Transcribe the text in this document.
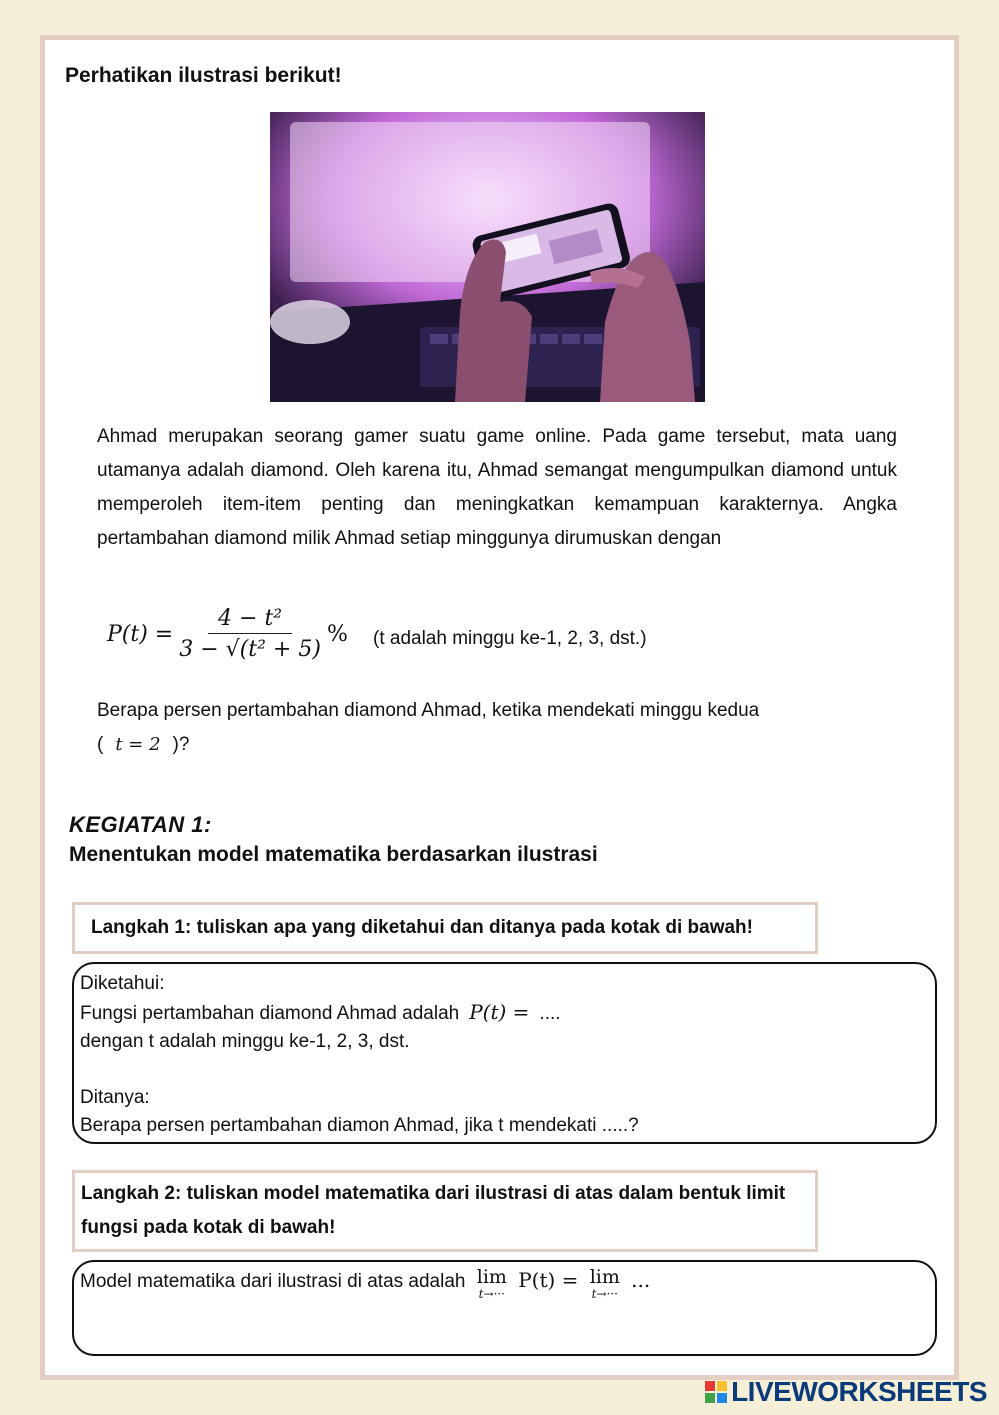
Perhatikan ilustrasi berikut!
Ahmad merupakan seorang gamer suatu game online. Pada game tersebut, mata uang utamanya adalah diamond. Oleh karena itu, Ahmad semangat mengumpulkan diamond untuk memperoleh item-item penting dan meningkatkan kemampuan karakternya. Angka pertambahan diamond milik Ahmad setiap minggunya dirumuskan dengan
$P(t) = \frac{\text{4 − t²}}{\text{3 − √(t² + 5)}}$ % (t adalah minggu ke-1, 2, 3, dst.)
Berapa persen pertambahan diamond Ahmad, ketika mendekati minggu kedua
( t = 2 )?
KEGIATAN 1:
Menentukan model matematika berdasarkan ilustrasi
Langkah 1: tuliskan apa yang diketahui dan ditanya pada kotak di bawah!
Diketahui:
Fungsi pertambahan diamond Ahmad adalah P(t) = ....
dengan t adalah minggu ke-1, 2, 3, dst.
Ditanya:
Berapa persen pertambahan diamon Ahmad, jika t mendekati .....?
Langkah 2: tuliskan model matematika dari ilustrasi di atas dalam bentuk limit fungsi pada kotak di bawah!
Model matematika dari ilustrasi di atas adalah lim
t→···
P(t) = lim
t→···
...
LIVEWORKSHEETS
